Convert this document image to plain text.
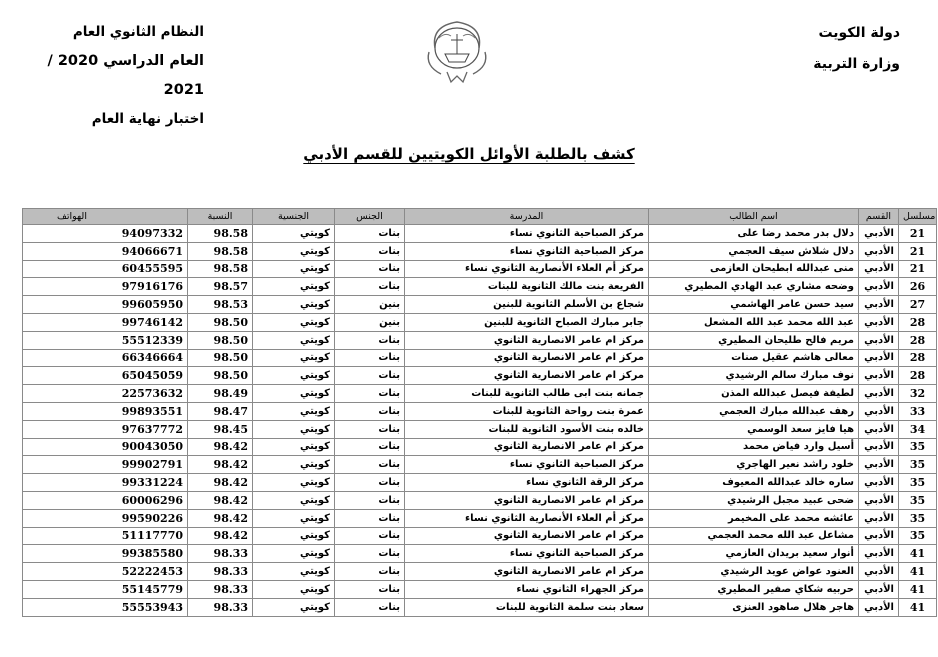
دولة الكويت
وزارة التربية
النظام الثانوي العام
العام الدراسي 2020 / 2021
اختبار نهاية العام
كشف بالطلبة الأوائل الكويتيين للقسم الأدبي
الهواتف	النسبة	الجنسية	الجنس	المدرسة	اسم الطالب	القسم	مسلسل
94097332	98.58	كويتي	بنات	مركز الصباحية الثانوي نساء	دلال بدر محمد رضا على	الأدبي	21
94066671	98.58	كويتي	بنات	مركز الصباحية الثانوي نساء	دلال شلاش سيف العجمي	الأدبي	21
60455595	98.58	كويتي	بنات	مركز أم العلاء الأنصارية الثانوي نساء	منى عبدالله ابطيحان العازمى	الأدبي	21
97916176	98.57	كويتي	بنات	الفريعة بنت مالك الثانوية للبنات	وضحه مشاري عبد الهادي المطيري	الأدبي	26
99605950	98.53	كويتي	بنين	شجاع بن الأسلم الثانوية للبنين	سيد حسن عامر الهاشمي	الأدبي	27
99746142	98.50	كويتي	بنين	جابر مبارك الصباح الثانوية للبنين	عبد الله محمد عبد الله المشعل	الأدبي	28
55512339	98.50	كويتي	بنات	مركز ام عامر الانصارية الثانوي	مريم فالح طليحان المطيري	الأدبي	28
66346664	98.50	كويتي	بنات	مركز ام عامر الانصارية الثانوي	معالى هاشم عقيل صنات	الأدبي	28
65045059	98.50	كويتي	بنات	مركز ام عامر الانصارية الثانوي	نوف مبارك سالم الرشيدي	الأدبي	28
22573632	98.49	كويتي	بنات	جمانه بنت ابى طالب الثانوية للبنات	لطيفة فيصل عبدالله المذن	الأدبي	32
99893551	98.47	كويتي	بنات	عمرة بنت رواحة الثانوية للبنات	رهف عبدالله مبارك العجمي	الأدبي	33
97637772	98.45	كويتي	بنات	خالده بنت الأسود الثانوية للبنات	هيا فايز سعد الوسمي	الأدبي	34
90043050	98.42	كويتي	بنات	مركز ام عامر الانصارية الثانوي	أسيل وارد فياض محمد	الأدبي	35
99902791	98.42	كويتي	بنات	مركز الصباحية الثانوي نساء	خلود راشد نعير الهاجري	الأدبي	35
99331224	98.42	كويتي	بنات	مركز الرقة الثانوي نساء	ساره خالد عبدالله المعيوف	الأدبي	35
60006296	98.42	كويتي	بنات	مركز ام عامر الانصارية الثانوي	ضحى عبيد مجبل الرشيدي	الأدبي	35
99590226	98.42	كويتي	بنات	مركز أم العلاء الأنصارية الثانوي نساء	عائشه محمد على المخيمر	الأدبي	35
51117770	98.42	كويتي	بنات	مركز ام عامر الانصارية الثانوي	مشاعل عبد الله محمد العجمي	الأدبي	35
99385580	98.33	كويتي	بنات	مركز الصباحية الثانوي نساء	أنوار سعيد بريدان العازمي	الأدبي	41
52222453	98.33	كويتي	بنات	مركز ام عامر الانصارية الثانوي	العنود عواض عويد الرشيدي	الأدبي	41
55145779	98.33	كويتي	بنات	مركز الجهراء الثانوي نساء	حربيه شكاي صفير المطيري	الأدبي	41
55553943	98.33	كويتي	بنات	سعاد بنت سلمة الثانوية للبنات	هاجر هلال صاهود العنزى	الأدبي	41
